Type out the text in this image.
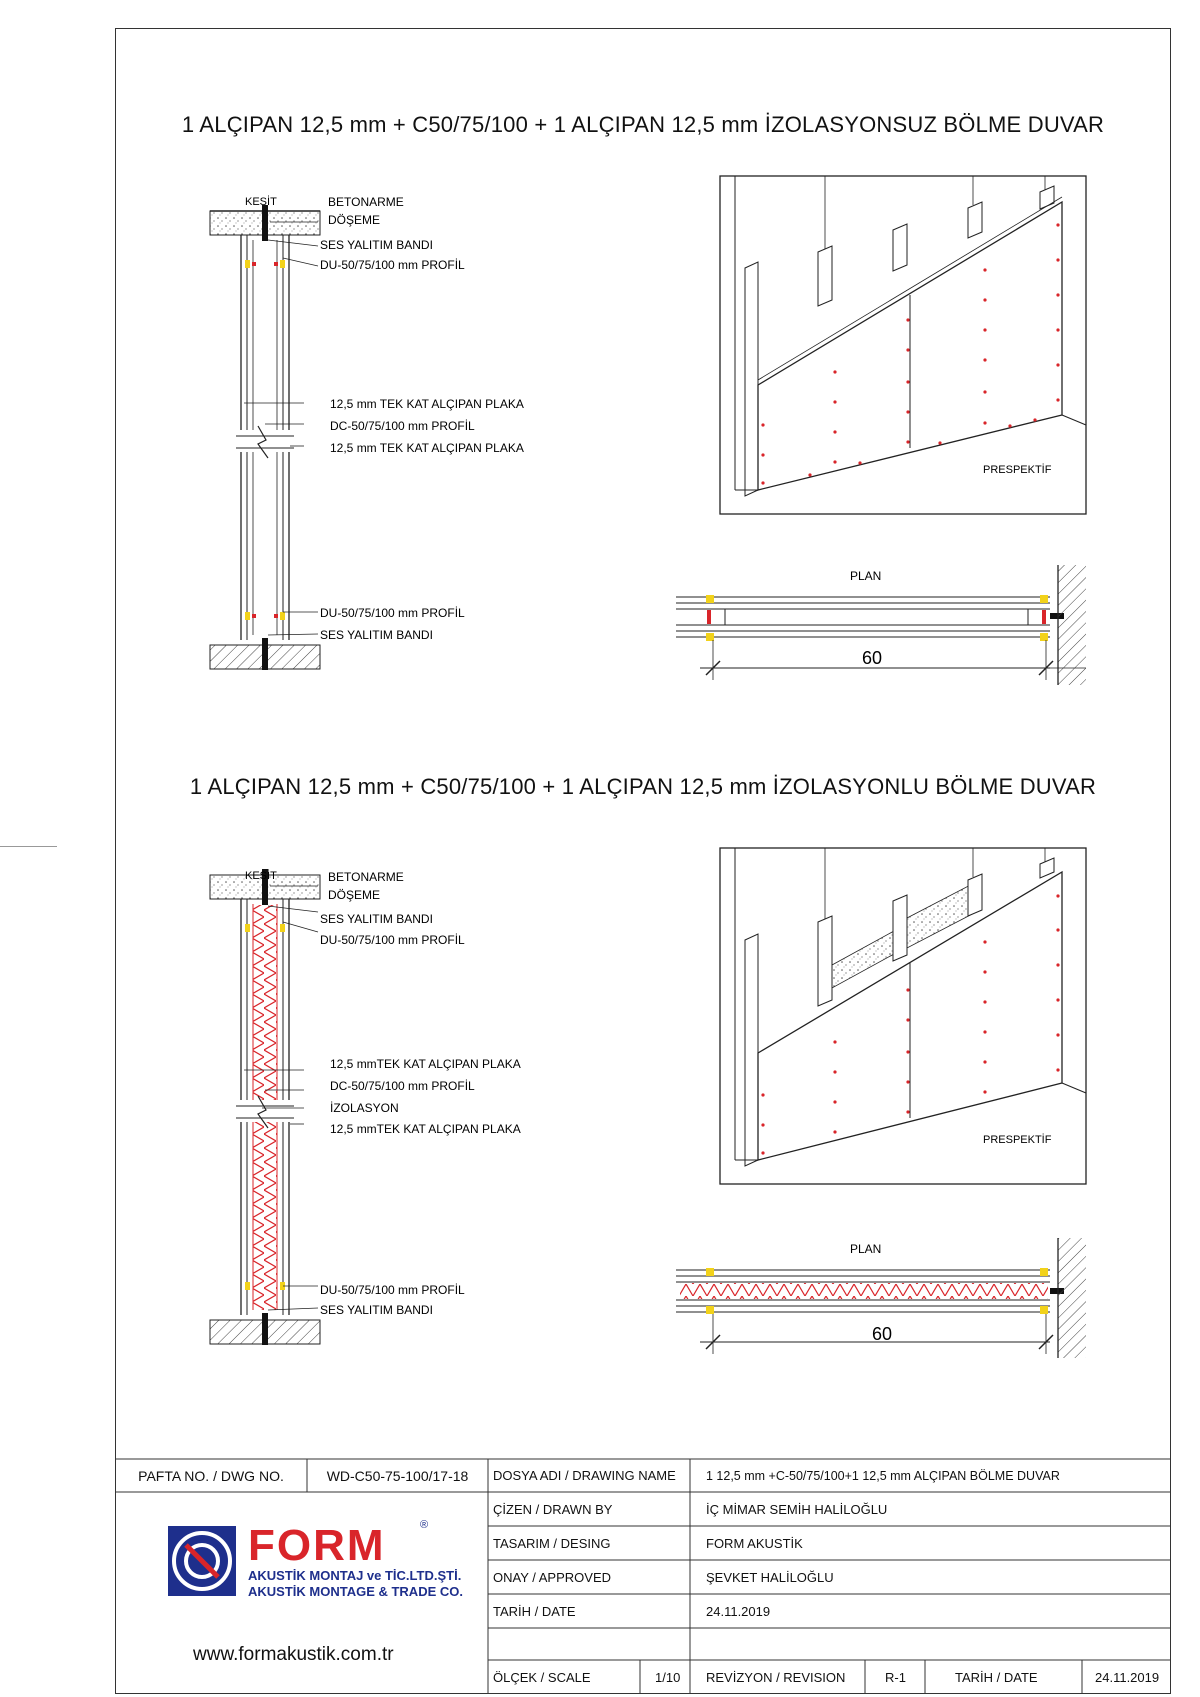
1 ALÇIPAN 12,5 mm + C50/75/100 + 1 ALÇIPAN 12,5 mm İZOLASYONSUZ BÖLME DUVAR
1 ALÇIPAN 12,5 mm + C50/75/100 + 1 ALÇIPAN 12,5 mm İZOLASYONLU BÖLME DUVAR
KESİT	BETONARME
DÖŞEME
SES YALITIM BANDI
DU-50/75/100 mm PROFİL
12,5 mm TEK KAT ALÇIPAN PLAKA
DC-50/75/100 mm PROFİL
12,5 mm TEK KAT ALÇIPAN PLAKA
DU-50/75/100 mm PROFİL
SES YALITIM BANDI
PRESPEKTİF
PLAN
60
KESİT	BETONARME
DÖŞEME
SES YALITIM BANDI
DU-50/75/100 mm PROFİL
12,5 mmTEK KAT ALÇIPAN PLAKA
DC-50/75/100 mm PROFİL
İZOLASYON
12,5 mmTEK KAT ALÇIPAN PLAKA
DU-50/75/100 mm PROFİL
SES YALITIM BANDI
PRESPEKTİF
PLAN
60
FORM	®
AKUSTİK MONTAJ ve TİC.LTD.ŞTİ.
AKUSTİK MONTAGE & TRADE CO.
www.formakustik.com.tr
PAFTA NO. / DWG NO.	WD-C50-75-100/17-18	DOSYA ADI / DRAWING NAME	1 12,5 mm +C-50/75/100+1 12,5 mm ALÇIPAN BÖLME DUVAR
ÇİZEN / DRAWN BY	İÇ MİMAR SEMİH HALİLOĞLU
TASARIM / DESING	FORM AKUSTİK
ONAY / APPROVED	ŞEVKET HALİLOĞLU
TARİH / DATE	24.11.2019
ÖLÇEK / SCALE	1/10	REVİZYON / REVISION	R-1	TARİH / DATE	24.11.2019
